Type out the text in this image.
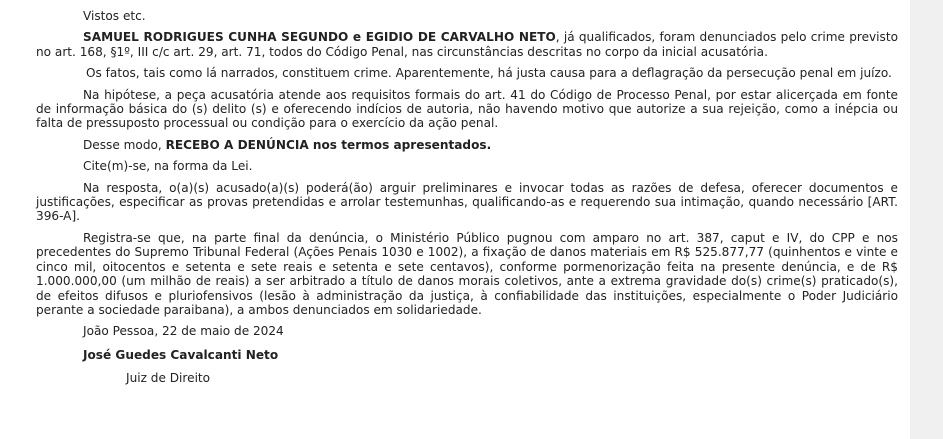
Vistos etc.

SAMUEL RODRIGUES CUNHA SEGUNDO e EGIDIO DE CARVALHO NETO, já qualificados, foram denunciados pelo crime previsto no art. 168, §1º, III c/c art. 29, art. 71, todos do Código Penal, nas circunstâncias descritas no corpo da inicial acusatória.

Os fatos, tais como lá narrados, constituem crime. Aparentemente, há justa causa para a deflagração da persecução penal em juízo.

Na hipótese, a peça acusatória atende aos requisitos formais do art. 41 do Código de Processo Penal, por estar alicerçada em fonte de informação básica do (s) delito (s) e oferecendo indícios de autoria, não havendo motivo que autorize a sua rejeição, como a inépcia ou falta de pressuposto processual ou condição para o exercício da ação penal.

Desse modo, RECEBO A DENÚNCIA nos termos apresentados.

Cite(m)-se, na forma da Lei.

Na resposta, o(a)(s) acusado(a)(s) poderá(ão) arguir preliminares e invocar todas as razões de defesa, oferecer documentos e justificações, especificar as provas pretendidas e arrolar testemunhas, qualificando-as e requerendo sua intimação, quando necessário [ART. 396-A].

Registra-se que, na parte final da denúncia, o Ministério Público pugnou com amparo no art. 387, caput e IV, do CPP e nos precedentes do Supremo Tribunal Federal (Ações Penais 1030 e 1002), a fixação de danos materiais em R$ 525.877,77 (quinhentos e vinte e cinco mil, oitocentos e setenta e sete reais e setenta e sete centavos), conforme pormenorização feita na presente denúncia, e de R$ 1.000.000,00 (um milhão de reais) a ser arbitrado a título de danos morais coletivos, ante a extrema gravidade do(s) crime(s) praticado(s), de efeitos difusos e pluriofensivos (lesão à administração da justiça, à confiabilidade das instituições, especialmente o Poder Judiciário perante a sociedade paraibana), a ambos denunciados em solidariedade.

João Pessoa, 22 de maio de 2024

José Guedes Cavalcanti Neto

Juiz de Direito
